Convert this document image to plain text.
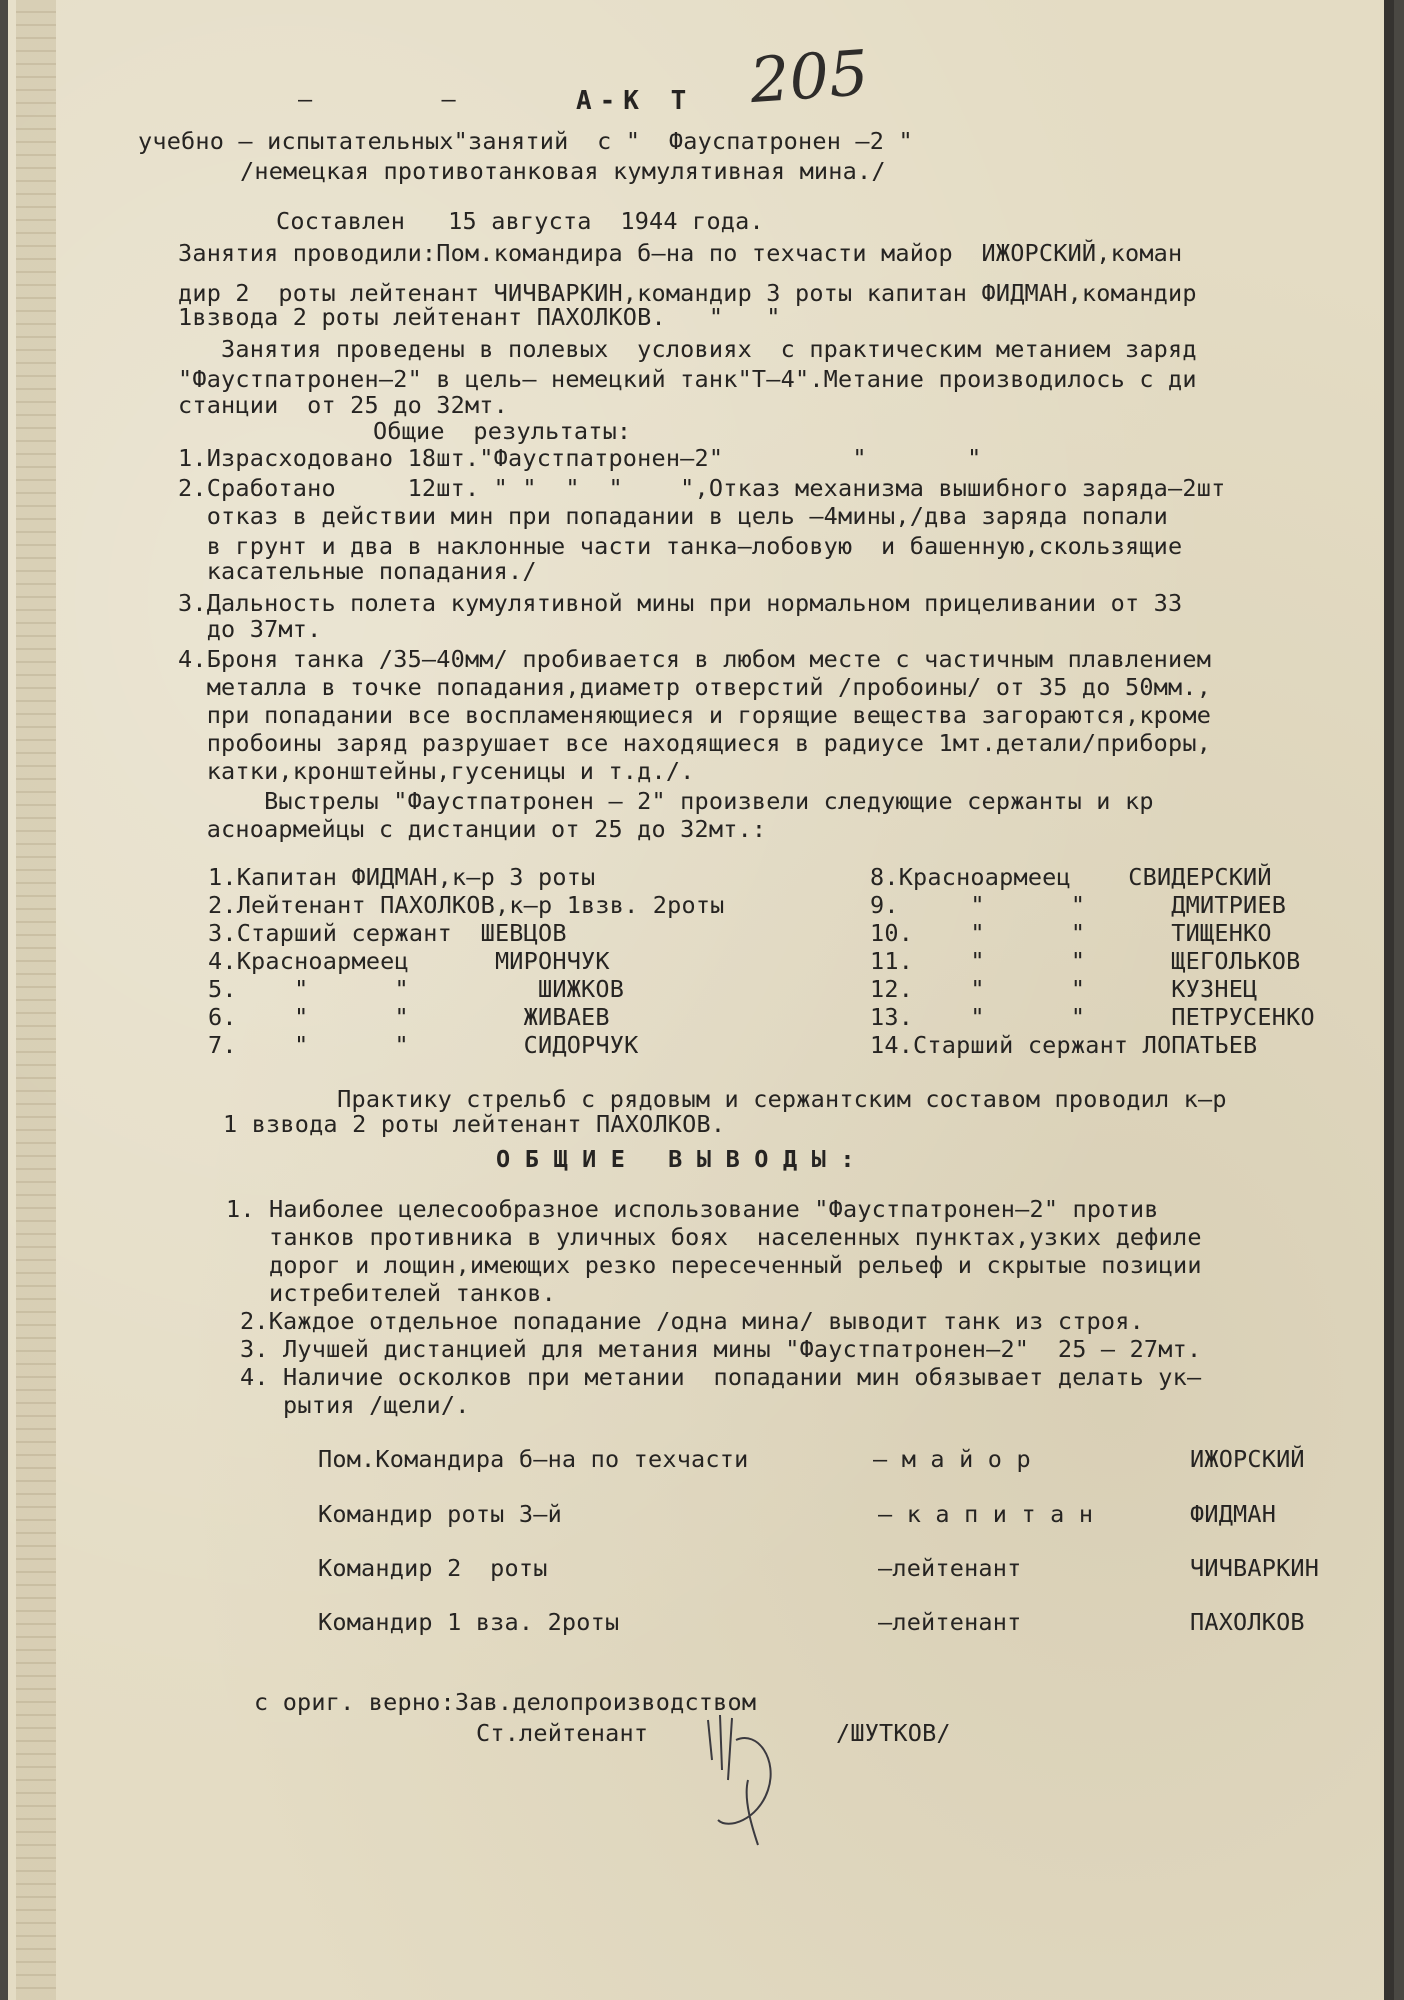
–         –	А-К Т 205
учебно – испытательных"занятий  с "  Фауспатронен –2 "
/немецкая противотанковая кумулятивная мина./
Составлен   15 августа  1944 года.
Занятия проводили:Пом.командира б–на по техчасти майор  ИЖОРСКИЙ,коман
дир 2  роты лейтенант ЧИЧВАРКИН,командир 3 роты капитан ФИДМАН,командир
1взвода 2 роты лейтенант ПАХОЛКОВ.   "   "
Занятия проведены в полевых  условиях  с практическим метанием заряд
"Фаустпатронен–2" в цель– немецкий танк"Т–4".Метание производилось с ди
станции  от 25 до 32мт.
Общие  результаты:
1.Израсходовано 18шт."Фаустпатронен–2"         "       "
2.Сработано     12шт. " "  "  "    ",Отказ механизма вышибного заряда–2шт
отказ в действии мин при попадании в цель –4мины,/два заряда попали
в грунт и два в наклонные части танка–лобовую  и башенную,скользящие
касательные попадания./
3.Дальность полета кумулятивной мины при нормальном прицеливании от 33
до 37мт.
4.Броня танка /35–40мм/ пробивается в любом месте с частичным плавлением
металла в точке попадания,диаметр отверстий /пробоины/ от 35 до 50мм.,
при попадании все воспламеняющиеся и горящие вещества загораются,кроме
пробоины заряд разрушает все находящиеся в радиусе 1мт.детали/приборы,
катки,кронштейны,гусеницы и т.д./.
Выстрелы "Фаустпатронен – 2" произвели следующие сержанты и кр
асноармейцы с дистанции от 25 до 32мт.:
1.Капитан ФИДМАН,к–р 3 роты
2.Лейтенант ПАХОЛКОВ,к–р 1взв. 2роты
3.Старший сержант  ШЕВЦОВ
4.Красноармеец      МИРОНЧУК
5.    "      "         ШИЖКОВ
6.    "      "        ЖИВАЕВ
7.    "      "        СИДОРЧУК
8.Красноармеец    СВИДЕРСКИЙ
9.     "      "      ДМИТРИЕВ
10.    "      "      ТИЩЕНКО
11.    "      "      ЩЕГОЛЬКОВ
12.    "      "      КУЗНЕЦ
13.    "      "      ПЕТРУСЕНКО
14.Старший сержант ЛОПАТЬЕВ
Практику стрельб с рядовым и сержантским составом проводил к–р
1 взвода 2 роты лейтенант ПАХОЛКОВ.
О Б Щ И Е   В Ы В О Д Ы :
1. Наиболее целесообразное использование "Фаустпатронен–2" против
танков противника в уличных боях  населенных пунктах,узких дефиле
дорог и лощин,имеющих резко пересеченный рельеф и скрытые позиции
истребителей танков.
2.Каждое отдельное попадание /одна мина/ выводит танк из строя.
3. Лучшей дистанцией для метания мины "Фаустпатронен–2"  25 – 27мт.
4. Наличие осколков при метании  попадании мин обязывает делать ук–
рытия /щели/.
Пом.Командира б–на по техчасти	– м а й о р	ИЖОРСКИЙ
Командир роты 3–й	– к а п и т а н	ФИДМАН
Командир 2  роты	–лейтенант	ЧИЧВАРКИН
Командир 1 вза. 2роты	–лейтенант	ПАХОЛКОВ
с ориг. верно:Зав.делопроизводством
Ст.лейтенант	/ШУТКОВ/
